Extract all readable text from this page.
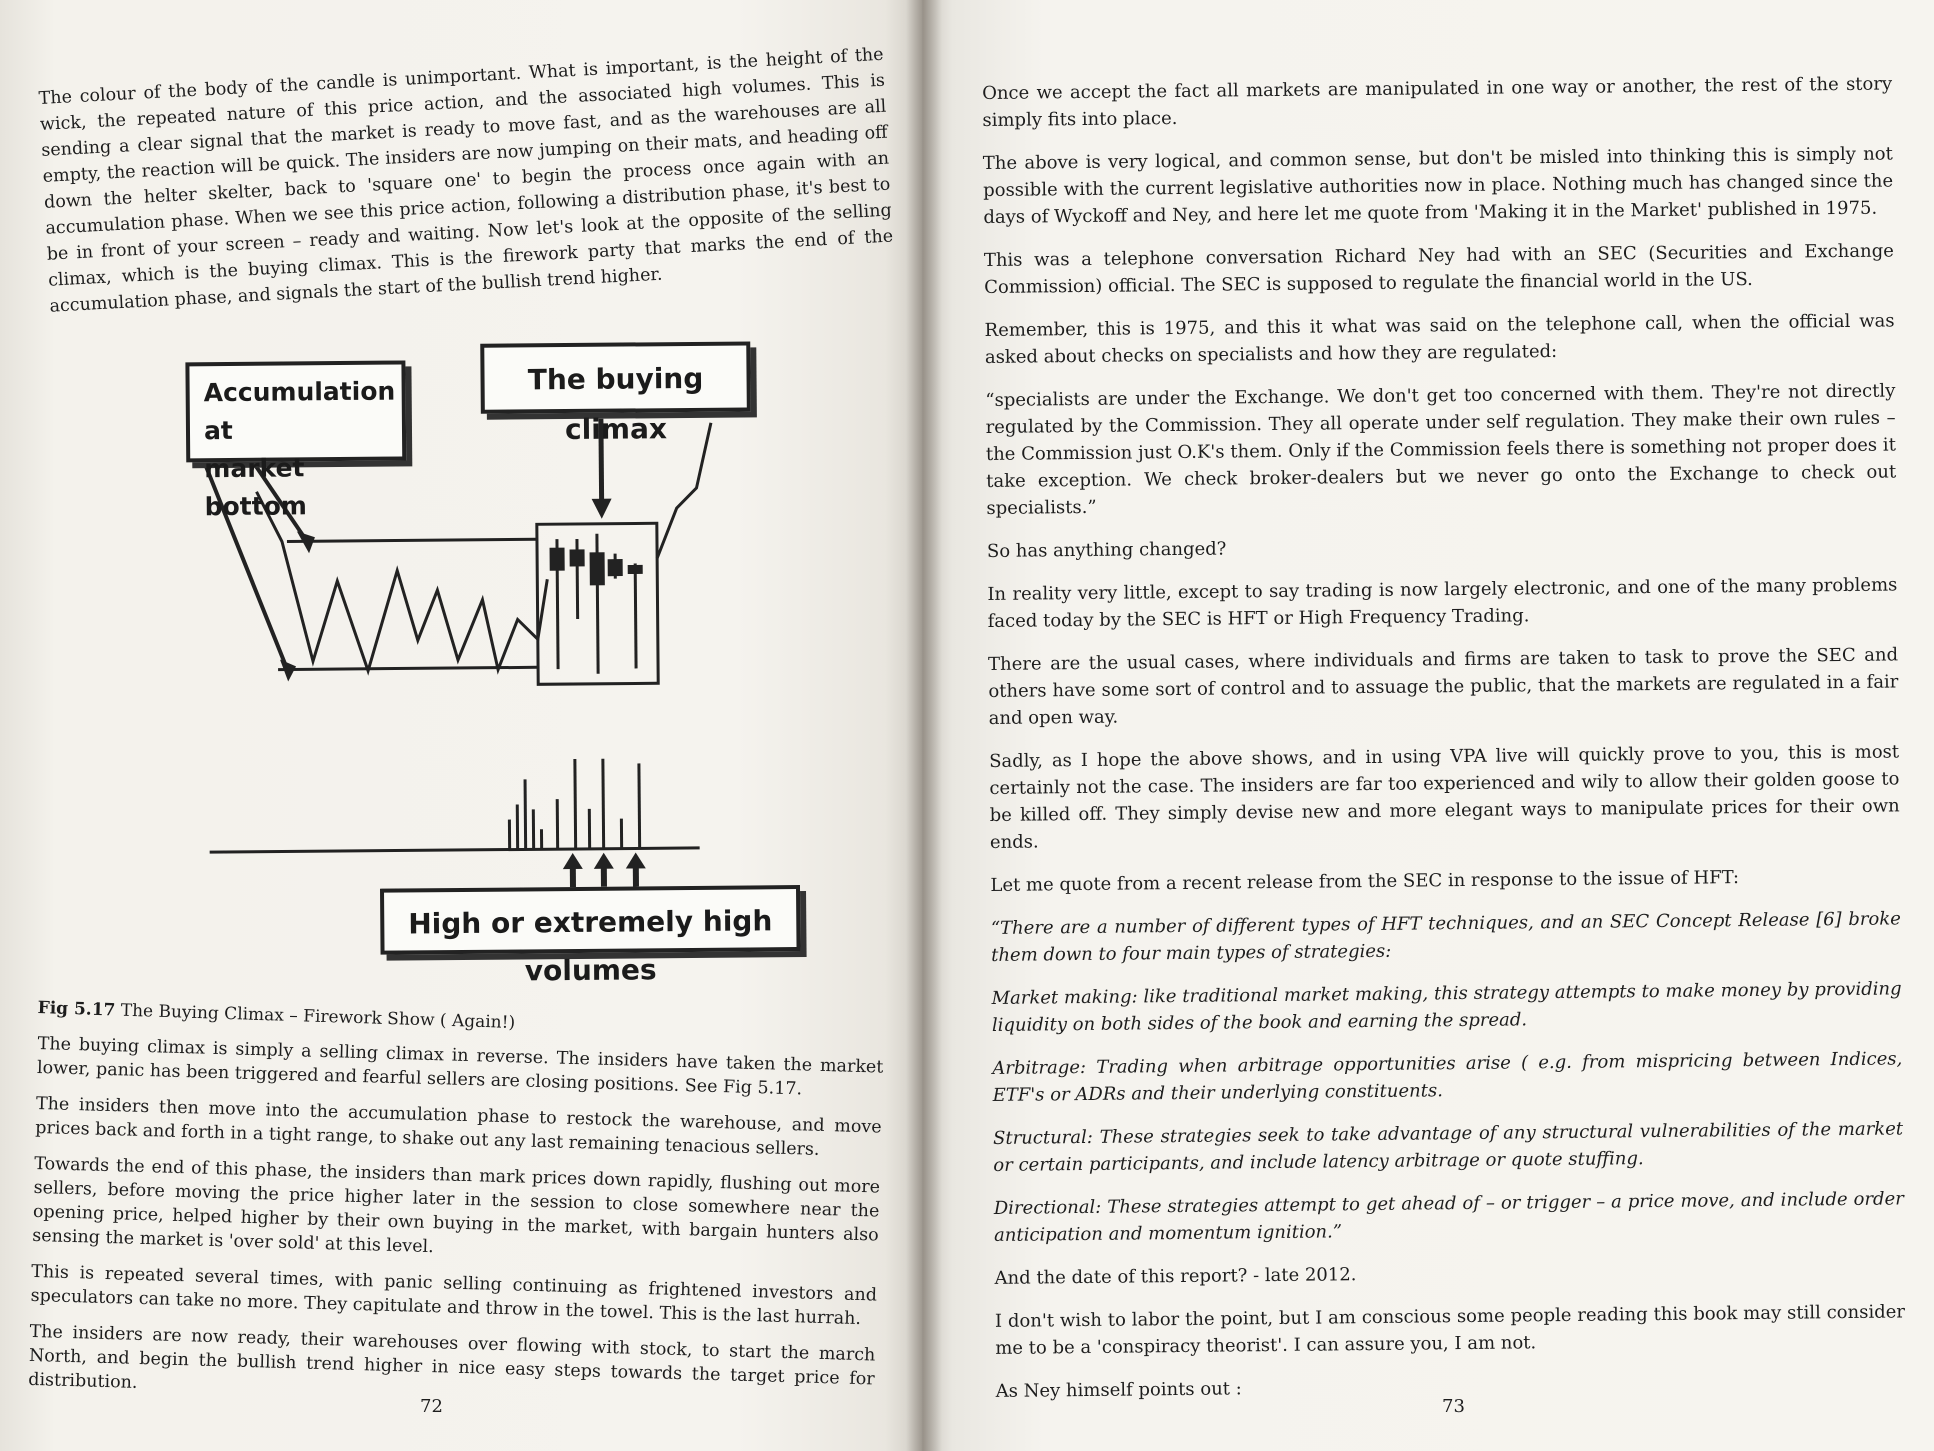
The colour of the body of the candle is unimportant. What is important, is the height of the wick, the repeated nature of this price action, and the associated high volumes. This is sending a clear signal that the market is ready to move fast, and as the warehouses are all empty, the reaction will be quick. The insiders are now jumping on their mats, and heading off down the helter skelter, back to 'square one' to begin the process once again with an accumulation phase. When we see this price action, following a distribution phase, it's best to be in front of your screen – ready and waiting. Now let's look at the opposite of the selling climax, which is the buying climax. This is the firework party that marks the end of the accumulation phase, and signals the start of the bullish trend higher.

Accumulation at
market bottom
The buying climax
High or extremely high volumes
Fig 5.17 The Buying Climax – Firework Show ( Again!)

The buying climax is simply a selling climax in reverse. The insiders have taken the market lower, panic has been triggered and fearful sellers are closing positions. See Fig 5.17.

The insiders then move into the accumulation phase to restock the warehouse, and move prices back and forth in a tight range, to shake out any last remaining tenacious sellers.

Towards the end of this phase, the insiders than mark prices down rapidly, flushing out more sellers, before moving the price higher later in the session to close somewhere near the opening price, helped higher by their own buying in the market, with bargain hunters also sensing the market is 'over sold' at this level.

This is repeated several times, with panic selling continuing as frightened investors and speculators can take no more. They capitulate and throw in the towel. This is the last hurrah.

The insiders are now ready, their warehouses over flowing with stock, to start the march North, and begin the bullish trend higher in nice easy steps towards the target price for distribution.

72

Once we accept the fact all markets are manipulated in one way or another, the rest of the story simply fits into place.

The above is very logical, and common sense, but don't be misled into thinking this is simply not possible with the current legislative authorities now in place. Nothing much has changed since the days of Wyckoff and Ney, and here let me quote from 'Making it in the Market' published in 1975.

This was a telephone conversation Richard Ney had with an SEC (Securities and Exchange Commission) official. The SEC is supposed to regulate the financial world in the US.

Remember, this is 1975, and this it what was said on the telephone call, when the official was asked about checks on specialists and how they are regulated:

“specialists are under the Exchange. We don't get too concerned with them. They're not directly regulated by the Commission. They all operate under self regulation. They make their own rules – the Commission just O.K's them. Only if the Commission feels there is something not proper does it take exception. We check broker-dealers but we never go onto the Exchange to check out specialists.”

So has anything changed?

In reality very little, except to say trading is now largely electronic, and one of the many problems faced today by the SEC is HFT or High Frequency Trading.

There are the usual cases, where individuals and firms are taken to task to prove the SEC and others have some sort of control and to assuage the public, that the markets are regulated in a fair and open way.

Sadly, as I hope the above shows, and in using VPA live will quickly prove to you, this is most certainly not the case. The insiders are far too experienced and wily to allow their golden goose to be killed off. They simply devise new and more elegant ways to manipulate prices for their own ends.

Let me quote from a recent release from the SEC in response to the issue of HFT:

“There are a number of different types of HFT techniques, and an SEC Concept Release [6] broke them down to four main types of strategies:

Market making: like traditional market making, this strategy attempts to make money by providing liquidity on both sides of the book and earning the spread.

Arbitrage: Trading when arbitrage opportunities arise ( e.g. from mispricing between Indices, ETF's or ADRs and their underlying constituents.

Structural: These strategies seek to take advantage of any structural vulnerabilities of the market or certain participants, and include latency arbitrage or quote stuffing.

Directional: These strategies attempt to get ahead of – or trigger – a price move, and include order anticipation and momentum ignition.”

And the date of this report? - late 2012.

I don't wish to labor the point, but I am conscious some people reading this book may still consider me to be a 'conspiracy theorist'. I can assure you, I am not.

As Ney himself points out :

73
